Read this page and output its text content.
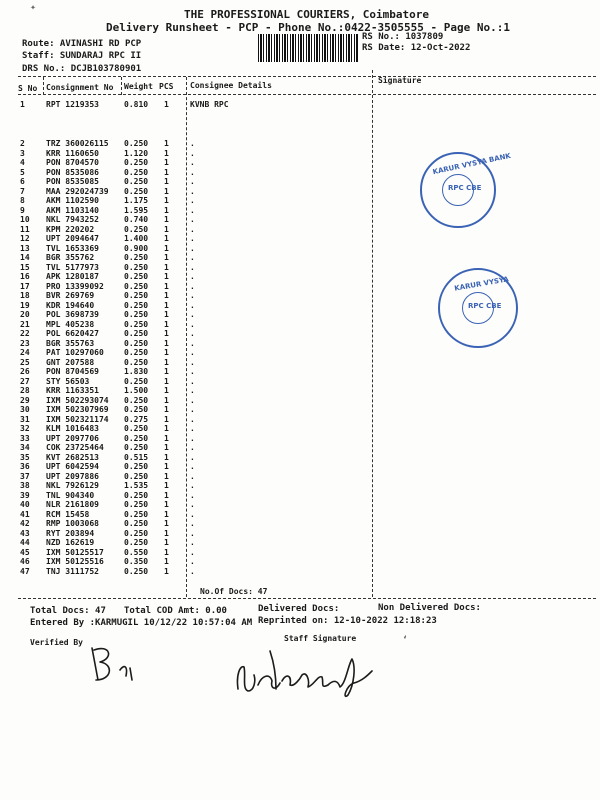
✦
THE PROFESSIONAL COURIERS, Coimbatore
Delivery Runsheet - PCP - Phone No.:0422-3505555 - Page No.:1
Route: AVINASHI RD PCP
Staff: SUNDARAJ RPC II
DRS No.: DCJB103780901
RS No.: 1037809
RS Date: 12-Oct-2022
S No Consignment No Weight PCS Consignee Details
Signature
1	RPT 1219353	0.810 1	KVNB RPC
2	TRZ 360026115 0.250 1	.
3	KRR 1160650	1.120 1	.
4	PON 8704570	0.250 1	.
5	PON 8535086	0.250 1	.
6	PON 8535085	0.250 1	.
7	MAA 292024739 0.250 1	.
8	AKM 1102590	1.175 1	.
9	AKM 1103140	1.595 1	.
10 NKL 7943252	0.740 1	.
11 KPM 220202	0.250 1	.
12 UPT 2094647	1.400 1	.
13 TVL 1653369	0.900 1	.
14 BGR 355762	0.250 1	.
15 TVL 5177973	0.250 1	.
16 APK 1280187	0.250 1	.
17 PRO 13399092	0.250 1	.
18 BVR 269769	0.250 1	.
19 KDR 194640	0.250 1	.
20 POL 3698739	0.250 1	.
21 MPL 405238	0.250 1	.
22 POL 6620427	0.250 1	.
23 BGR 355763	0.250 1	.
24 PAT 10297060	0.250 1	.
25 GNT 207588	0.250 1	.
26 PON 8704569	1.830 1	.
27 STY 56503	0.250 1	.
28 KRR 1163351	1.500 1	.
29 IXM 502293074 0.250 1	.
30 IXM 502307969 0.250 1	.
31 IXM 502321174 0.275 1	.
32 KLM 1016483	0.250 1	.
33 UPT 2097706	0.250 1	.
34 COK 23725464	0.250 1	.
35 KVT 2682513	0.515 1	.
36 UPT 6042594	0.250 1	.
37 UPT 2097886	0.250 1	.
38 NKL 7926129	1.535 1	.
39 TNL 904340	0.250 1	.
40 NLR 2161809	0.250 1	.
41 RCM 15458	0.250 1	.
42 RMP 1003068	0.250 1	.
43 RYT 203894	0.250 1	.
44 NZD 162619	0.250 1	.
45 IXM 50125517	0.550 1	.
46 IXM 50125516	0.350 1	.
47 TNJ 3111752	0.250 1	.
No.Of Docs: 47
Total Docs: 47 Total COD Amt: 0.00	Delivered Docs:	Non Delivered Docs:
Entered By :KARMUGIL 10/12/22 10:57:04 AM Reprinted on: 12-10-2022 12:18:23
Verified By	Staff Signature	‘
KARUR VYSYA BANK
RPC CBE
KARUR VYSYA
RPC CBE
